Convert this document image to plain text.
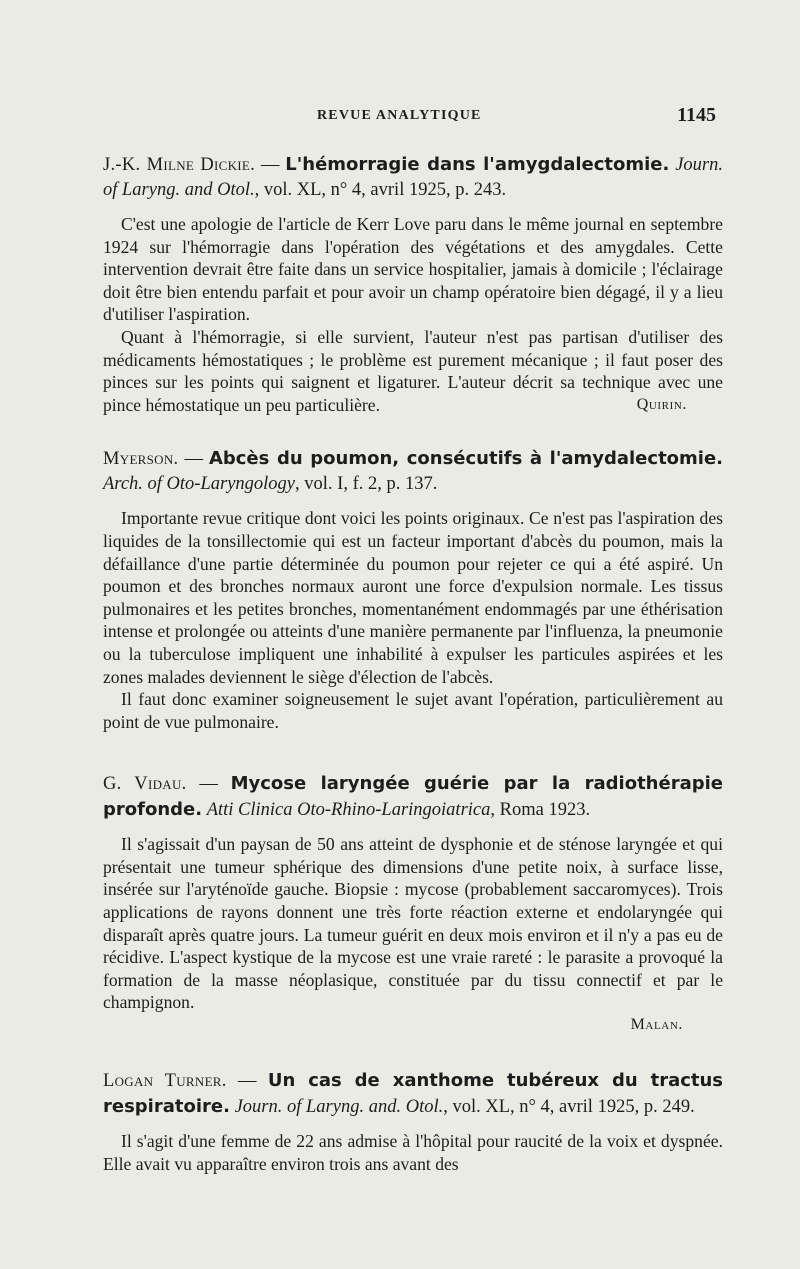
REVUE ANALYTIQUE	1145

J.-K. Milne Dickie. — L'hémorragie dans l'amygdalectomie. Journ. of Laryng. and Otol., vol. XL, n° 4, avril 1925, p. 243.

C'est une apologie de l'article de Kerr Love paru dans le même journal en septembre 1924 sur l'hémorragie dans l'opération des végétations et des amygdales. Cette intervention devrait être faite dans un service hospitalier, jamais à domicile ; l'éclairage doit être bien entendu parfait et pour avoir un champ opératoire bien dégagé, il y a lieu d'utiliser l'aspiration.

Quant à l'hémorragie, si elle survient, l'auteur n'est pas partisan d'utiliser des médicaments hémostatiques ; le problème est purement mécanique ; il faut poser des pinces sur les points qui saignent et ligaturer. L'auteur décrit sa technique avec une pince hémostatique un peu particulière.	Quirin.

Myerson. — Abcès du poumon, consécutifs à l'amydalectomie. Arch. of Oto-Laryngology, vol. I, f. 2, p. 137.

Importante revue critique dont voici les points originaux. Ce n'est pas l'aspiration des liquides de la tonsillectomie qui est un facteur important d'abcès du poumon, mais la défaillance d'une partie déterminée du poumon pour rejeter ce qui a été aspiré. Un poumon et des bronches normaux auront une force d'expulsion normale. Les tissus pulmonaires et les petites bronches, momentanément endommagés par une éthérisation intense et prolongée ou atteints d'une manière permanente par l'influenza, la pneumonie ou la tuberculose impliquent une inhabilité à expulser les particules aspirées et les zones malades deviennent le siège d'élection de l'abcès.

Il faut donc examiner soigneusement le sujet avant l'opération, particulièrement au point de vue pulmonaire.

G. Vidau. — Mycose laryngée guérie par la radiothérapie profonde. Atti Clinica Oto-Rhino-Laringoiatrica, Roma 1923.

Il s'agissait d'un paysan de 50 ans atteint de dysphonie et de sténose laryngée et qui présentait une tumeur sphérique des dimensions d'une petite noix, à surface lisse, insérée sur l'aryténoïde gauche. Biopsie : mycose (probablement saccaromyces). Trois applications de rayons donnent une très forte réaction externe et endolaryngée qui disparaît après quatre jours. La tumeur guérit en deux mois environ et il n'y a pas eu de récidive. L'aspect kystique de la mycose est une vraie rareté : le parasite a provoqué la formation de la masse néoplasique, constituée par du tissu connectif et par le champignon.

Malan.

Logan Turner. — Un cas de xanthome tubéreux du tractus respiratoire. Journ. of Laryng. and. Otol., vol. XL, n° 4, avril 1925, p. 249.

Il s'agit d'une femme de 22 ans admise à l'hôpital pour raucité de la voix et dyspnée. Elle avait vu apparaître environ trois ans avant des
